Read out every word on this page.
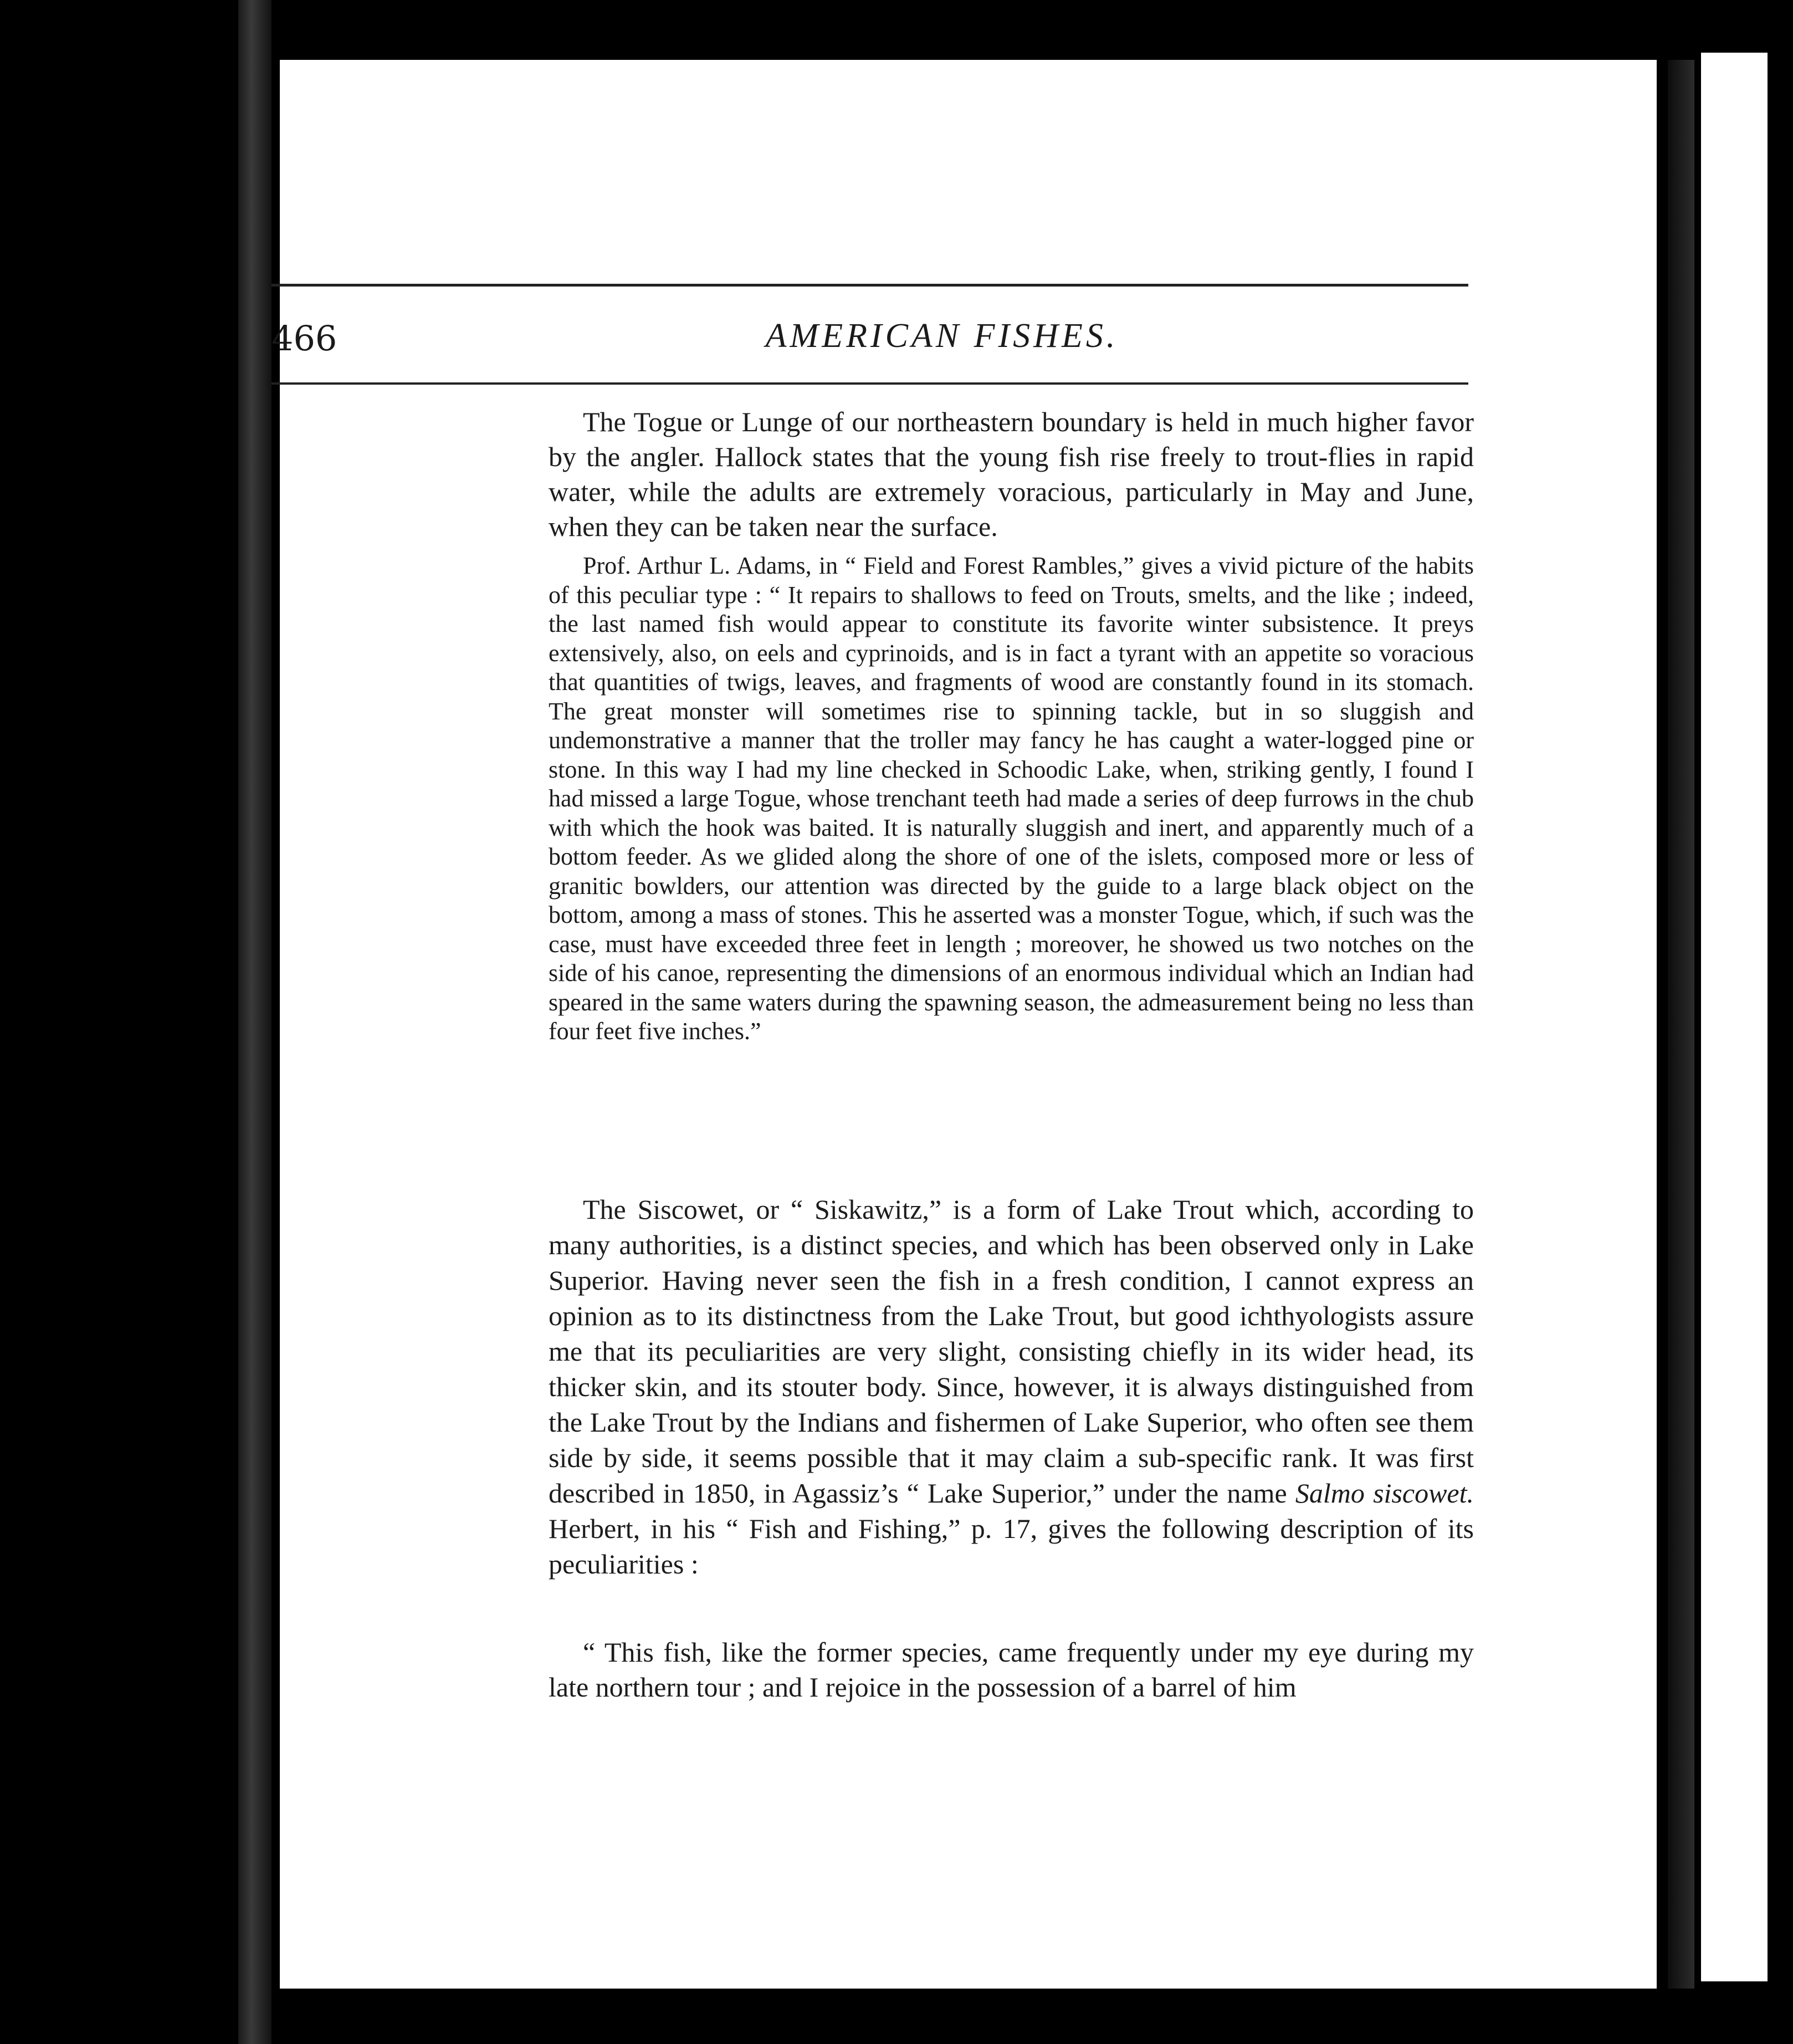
466	AMERICAN FISHES.

The Togue or Lunge of our northeastern boundary is held in much higher favor by the angler. Hallock states that the young fish rise freely to trout-flies in rapid water, while the adults are extremely voracious, particularly in May and June, when they can be taken near the surface.

Prof. Arthur L. Adams, in “ Field and Forest Rambles,” gives a vivid picture of the habits of this peculiar type : “ It repairs to shallows to feed on Trouts, smelts, and the like ; indeed, the last named fish would appear to constitute its favorite winter subsistence. It preys extensively, also, on eels and cyprinoids, and is in fact a tyrant with an appetite so voracious that quantities of twigs, leaves, and fragments of wood are constantly found in its stomach. The great monster will sometimes rise to spinning tackle, but in so sluggish and undemonstrative a manner that the troller may fancy he has caught a water-logged pine or stone. In this way I had my line checked in Schoodic Lake, when, striking gently, I found I had missed a large Togue, whose trenchant teeth had made a series of deep furrows in the chub with which the hook was baited. It is naturally sluggish and inert, and apparently much of a bottom feeder. As we glided along the shore of one of the islets, composed more or less of granitic bowlders, our attention was directed by the guide to a large black object on the bottom, among a mass of stones. This he asserted was a monster Togue, which, if such was the case, must have exceeded three feet in length ; moreover, he showed us two notches on the side of his canoe, representing the dimensions of an enormous individual which an Indian had speared in the same waters during the spawning season, the admeasurement being no less than four feet five inches.”

The Siscowet, or “ Siskawitz,” is a form of Lake Trout which, according to many authorities, is a distinct species, and which has been observed only in Lake Superior. Having never seen the fish in a fresh condition, I cannot express an opinion as to its distinctness from the Lake Trout, but good ichthyologists assure me that its peculiarities are very slight, consisting chiefly in its wider head, its thicker skin, and its stouter body. Since, however, it is always distinguished from the Lake Trout by the Indians and fishermen of Lake Superior, who often see them side by side, it seems possible that it may claim a sub-specific rank. It was first described in 1850, in Agassiz’s “ Lake Superior,” under the name Salmo siscowet. Herbert, in his “ Fish and Fishing,” p. 17, gives the following description of its peculiarities :

“ This fish, like the former species, came frequently under my eye during my late northern tour ; and I rejoice in the possession of a barrel of him
